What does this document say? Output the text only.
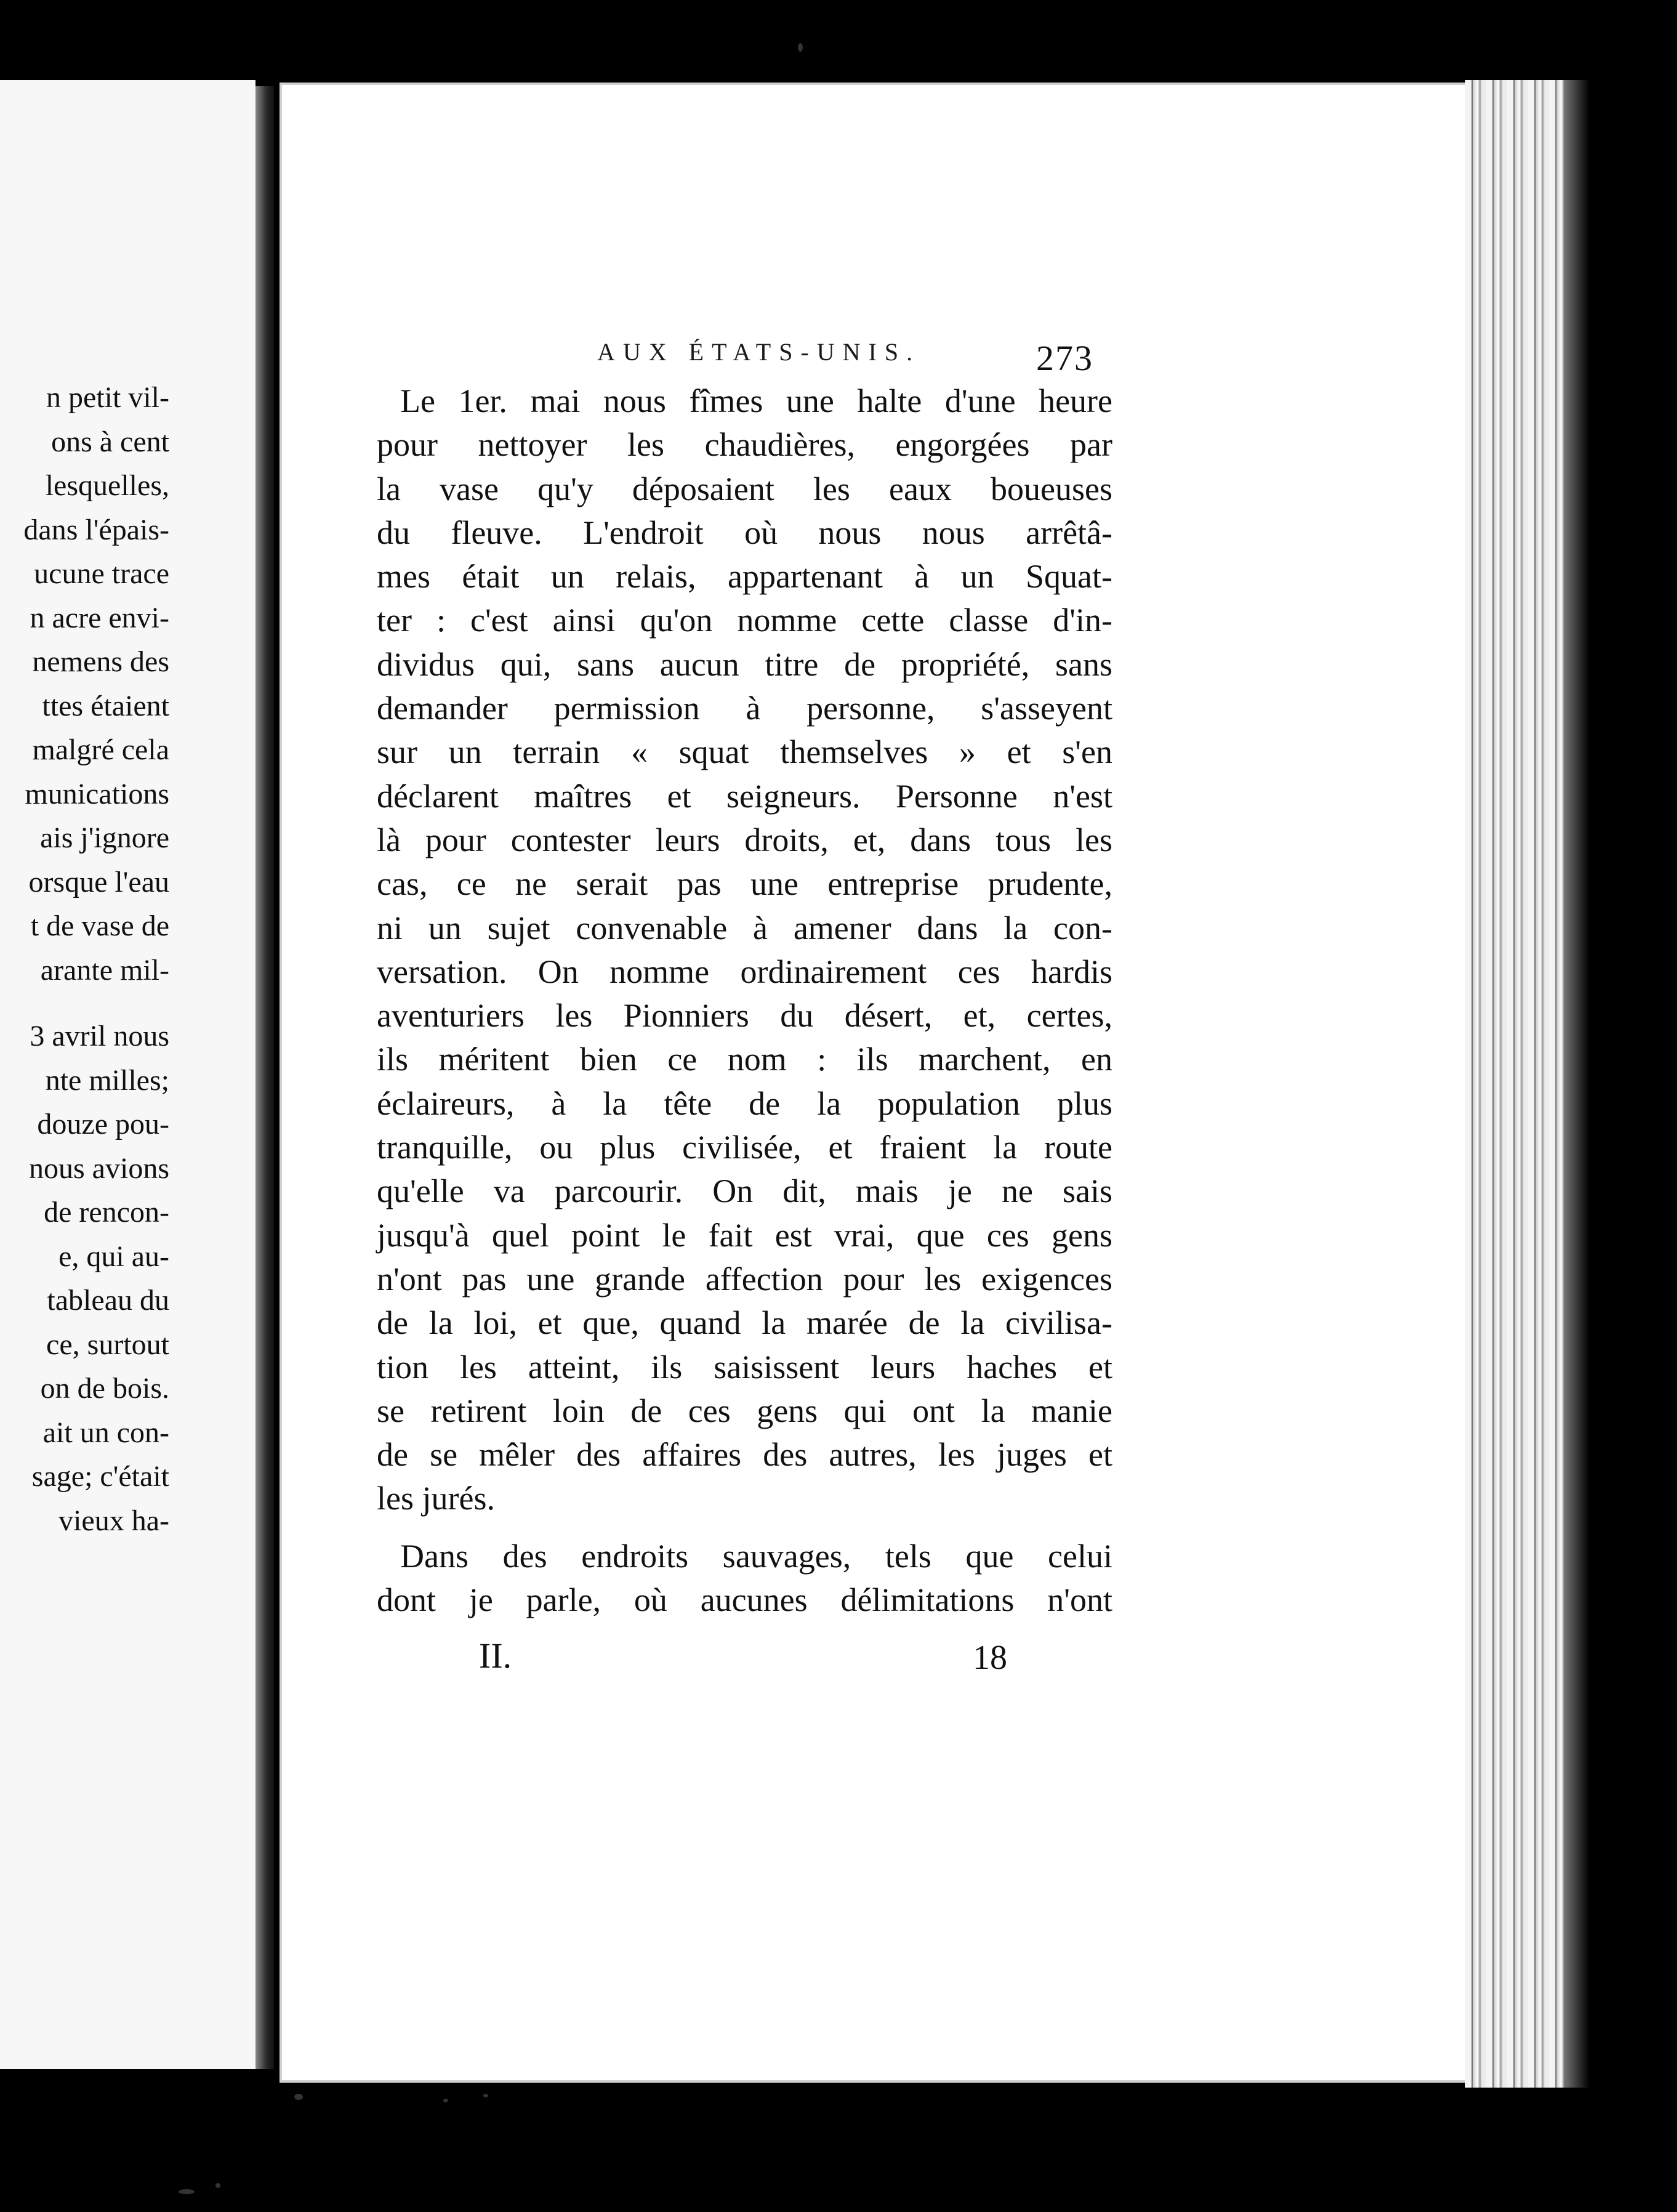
n petit vil-
ons à cent
lesquelles,
dans l'épais-
ucune trace
n acre envi-
nemens des
ttes étaient
malgré cela
munications
ais j'ignore
orsque l'eau
t de vase de
arante mil-
3 avril nous
nte milles;
douze pou-
nous avions
de rencon-
e, qui au-
tableau du
ce, surtout
on de bois.
ait un con-
sage; c'était
vieux ha-
AUX ÉTATS-UNIS.	273
Le 1er. mai nous fîmes une halte d'une heure
pour nettoyer les chaudières, engorgées par
la vase qu'y déposaient les eaux boueuses
du fleuve. L'endroit où nous nous arrêtâ-
mes était un relais, appartenant à un Squat-
ter : c'est ainsi qu'on nomme cette classe d'in-
dividus qui, sans aucun titre de propriété, sans
demander permission à personne, s'asseyent
sur un terrain « squat themselves » et s'en
déclarent maîtres et seigneurs. Personne n'est
là pour contester leurs droits, et, dans tous les
cas, ce ne serait pas une entreprise prudente,
ni un sujet convenable à amener dans la con-
versation. On nomme ordinairement ces hardis
aventuriers les Pionniers du désert, et, certes,
ils méritent bien ce nom : ils marchent, en
éclaireurs, à la tête de la population plus
tranquille, ou plus civilisée, et fraient la route
qu'elle va parcourir. On dit, mais je ne sais
jusqu'à quel point le fait est vrai, que ces gens
n'ont pas une grande affection pour les exigences
de la loi, et que, quand la marée de la civilisa-
tion les atteint, ils saisissent leurs haches et
se retirent loin de ces gens qui ont la manie
de se mêler des affaires des autres, les juges et
les jurés.
Dans des endroits sauvages, tels que celui
dont je parle, où aucunes délimitations n'ont
II.	18
